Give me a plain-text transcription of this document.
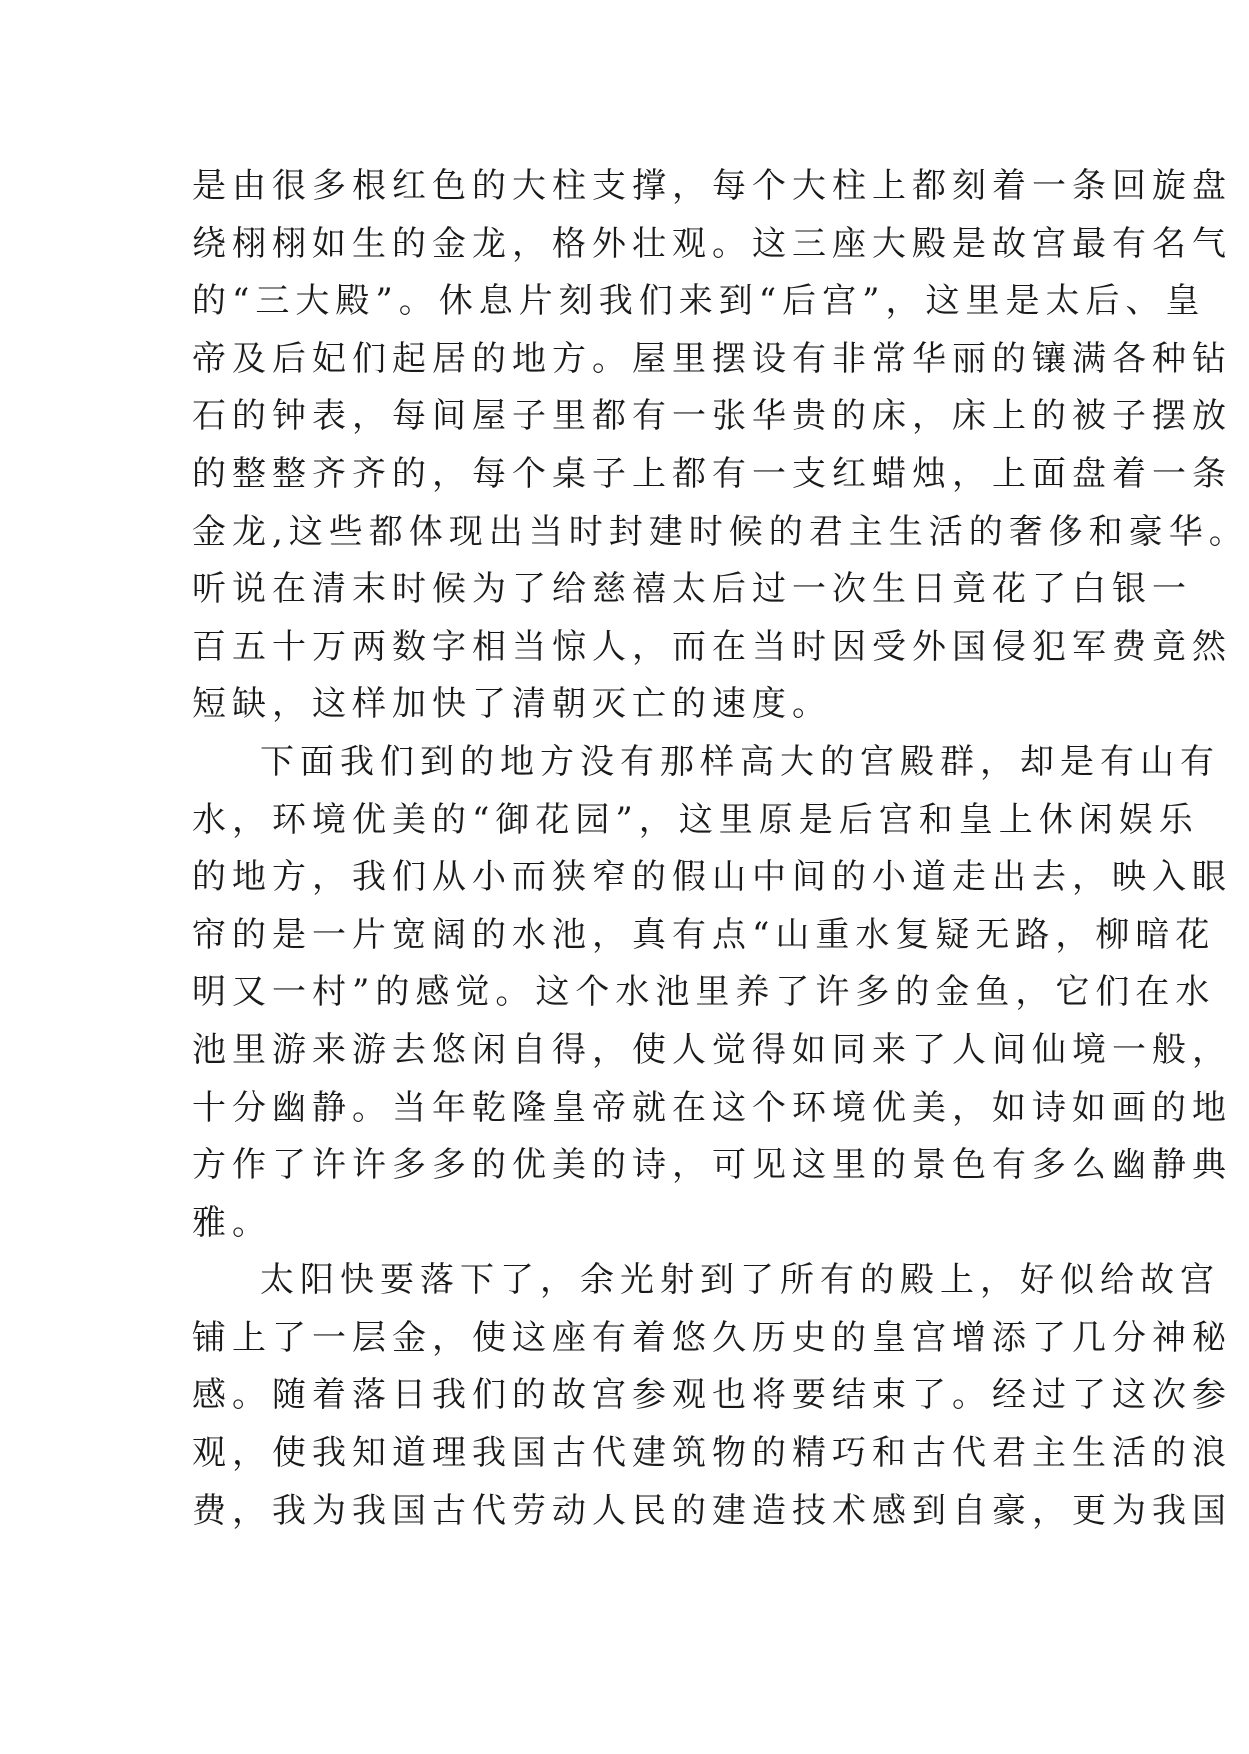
是由很多根红色的大柱支撑，每个大柱上都刻着一条回旋盘
绕栩栩如生的金龙，格外壮观。这三座大殿是故宫最有名气
的“三大殿”。休息片刻我们来到“后宫”，这里是太后、皇
帝及后妃们起居的地方。屋里摆设有非常华丽的镶满各种钻
石的钟表，每间屋子里都有一张华贵的床，床上的被子摆放
的整整齐齐的，每个桌子上都有一支红蜡烛，上面盘着一条
金龙,这些都体现出当时封建时候的君主生活的奢侈和豪华。
听说在清末时候为了给慈禧太后过一次生日竟花了白银一
百五十万两数字相当惊人，而在当时因受外国侵犯军费竟然
短缺，这样加快了清朝灭亡的速度。
下面我们到的地方没有那样高大的宫殿群，却是有山有
水，环境优美的“御花园”，这里原是后宫和皇上休闲娱乐
的地方，我们从小而狭窄的假山中间的小道走出去，映入眼
帘的是一片宽阔的水池，真有点“山重水复疑无路，柳暗花
明又一村”的感觉。这个水池里养了许多的金鱼，它们在水
池里游来游去悠闲自得，使人觉得如同来了人间仙境一般，
十分幽静。当年乾隆皇帝就在这个环境优美，如诗如画的地
方作了许许多多的优美的诗，可见这里的景色有多么幽静典
雅。
太阳快要落下了，余光射到了所有的殿上，好似给故宫
铺上了一层金，使这座有着悠久历史的皇宫增添了几分神秘
感。随着落日我们的故宫参观也将要结束了。经过了这次参
观，使我知道理我国古代建筑物的精巧和古代君主生活的浪
费，我为我国古代劳动人民的建造技术感到自豪，更为我国
